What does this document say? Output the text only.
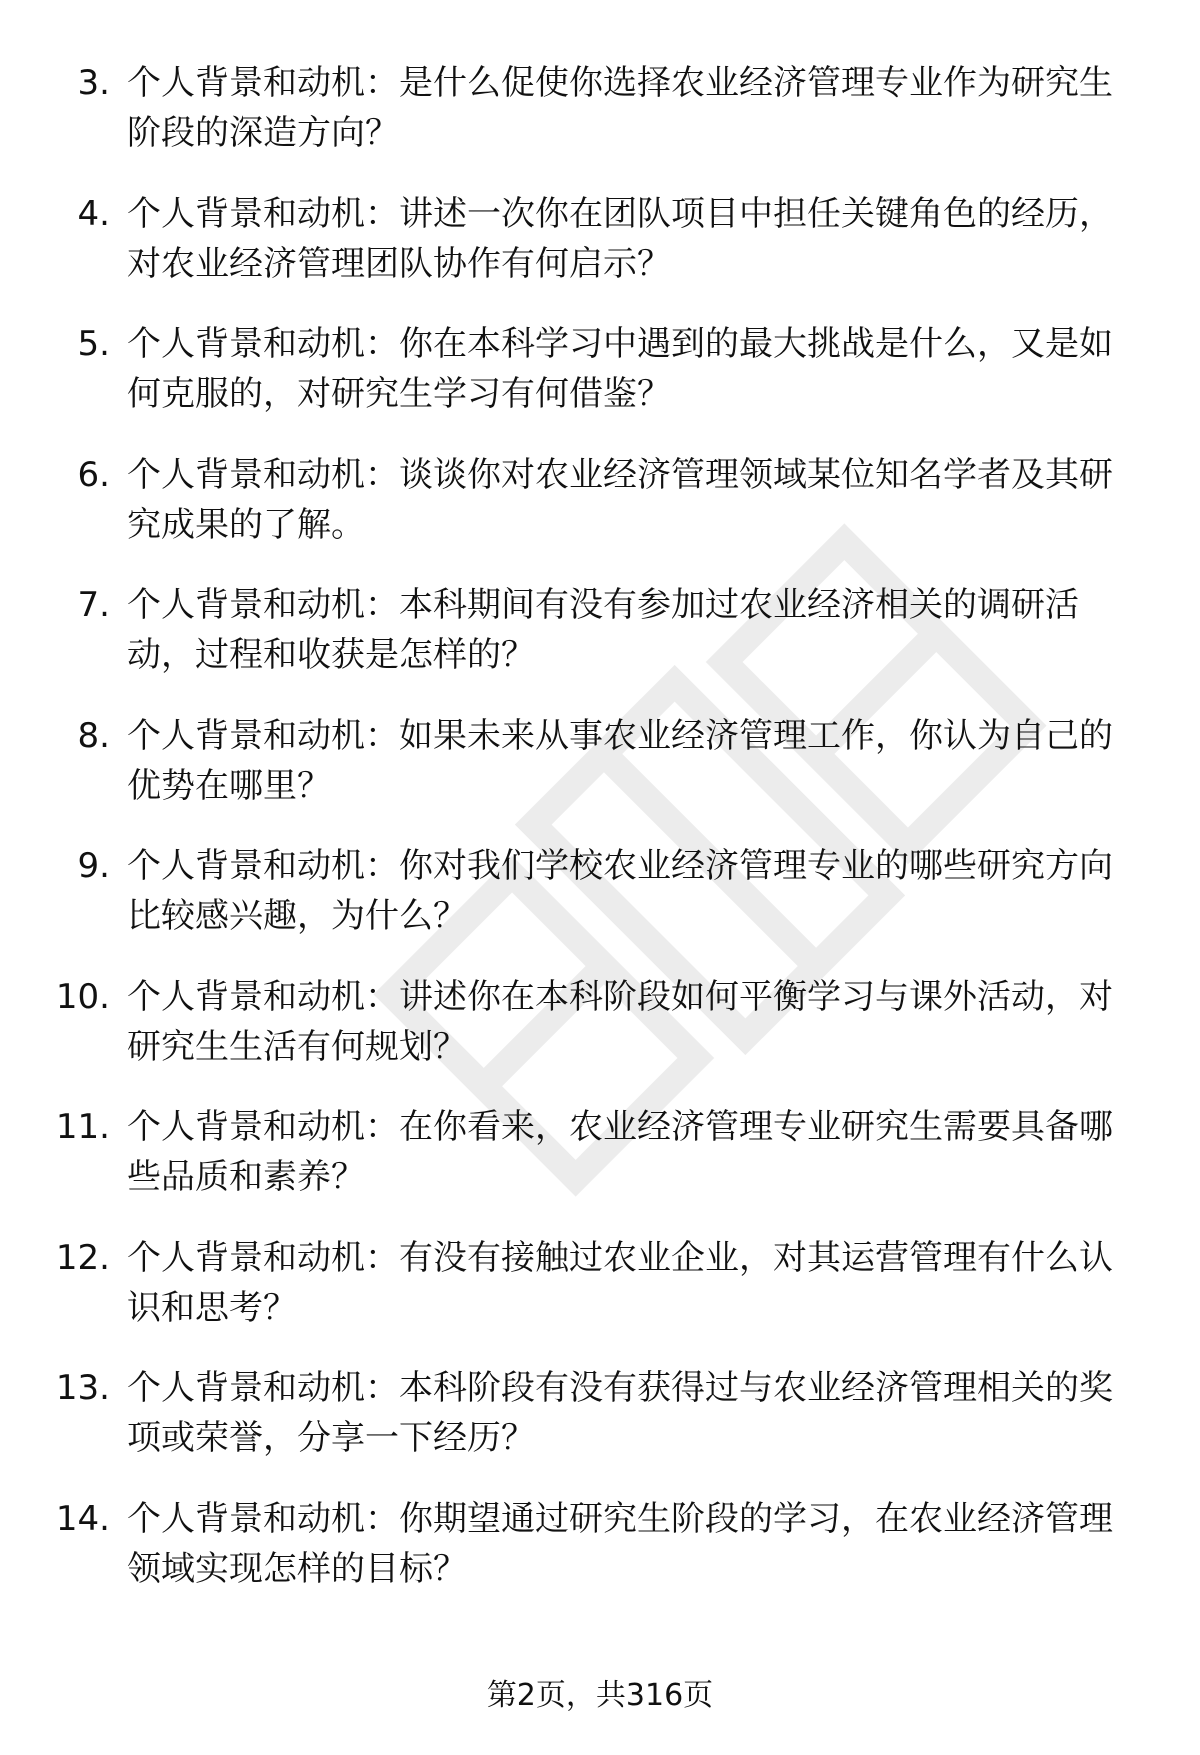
3. 个人背景和动机：是什么促使你选择农业经济管理专业作为研究生阶段的深造方向？
4. 个人背景和动机：讲述一次你在团队项目中担任关键角色的经历，对农业经济管理团队协作有何启示？
5. 个人背景和动机：你在本科学习中遇到的最大挑战是什么，又是如何克服的，对研究生学习有何借鉴？
6. 个人背景和动机：谈谈你对农业经济管理领域某位知名学者及其研究成果的了解。
7. 个人背景和动机：本科期间有没有参加过农业经济相关的调研活动，过程和收获是怎样的？
8. 个人背景和动机：如果未来从事农业经济管理工作，你认为自己的优势在哪里？
9. 个人背景和动机：你对我们学校农业经济管理专业的哪些研究方向比较感兴趣，为什么？
10. 个人背景和动机：讲述你在本科阶段如何平衡学习与课外活动，对研究生生活有何规划？
11. 个人背景和动机：在你看来，农业经济管理专业研究生需要具备哪些品质和素养？
12. 个人背景和动机：有没有接触过农业企业，对其运营管理有什么认识和思考？
13. 个人背景和动机：本科阶段有没有获得过与农业经济管理相关的奖项或荣誉，分享一下经历？
14. 个人背景和动机：你期望通过研究生阶段的学习，在农业经济管理领域实现怎样的目标？
第2页，共316页
